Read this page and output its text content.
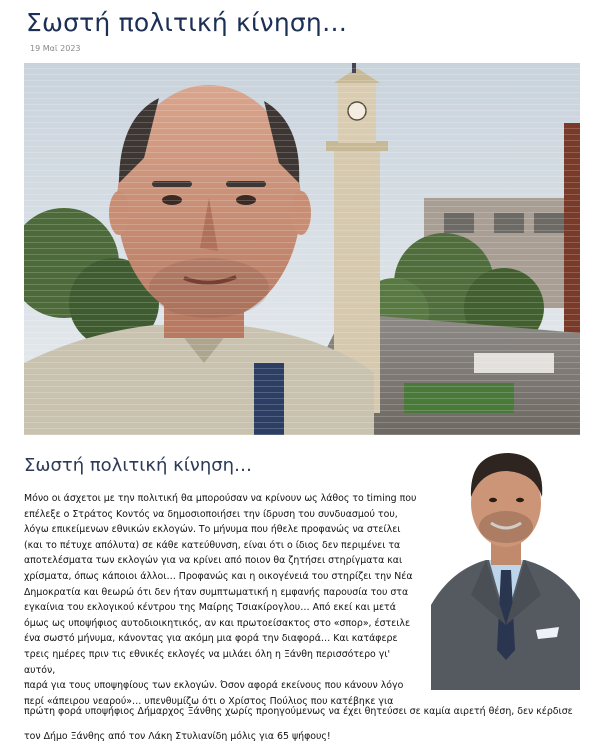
Σωστή πολιτική κίνηση…
19 Μαϊ 2023
Σωστή πολιτική κίνηση…

Μόνο οι άσχετοι με την πολιτική θα μπορούσαν να κρίνουν ως λάθος το timing που

επέλεξε ο Στράτος Κοντός να δημοσιοποιήσει την ίδρυση του συνδυασμού του,

λόγω επικείμενων εθνικών εκλογών. Το μήνυμα που ήθελε προφανώς να στείλει

(και το πέτυχε απόλυτα) σε κάθε κατεύθυνση, είναι ότι ο ίδιος δεν περιμένει τα

αποτελέσματα των εκλογών για να κρίνει από ποιον θα ζητήσει στηρίγματα και

χρίσματα, όπως κάποιοι άλλοι… Προφανώς και η οικογένειά του στηρίζει την Νέα

Δημοκρατία και θεωρώ ότι δεν ήταν συμπτωματική η εμφανής παρουσία του στα

εγκαίνια του εκλογικού κέντρου της Μαίρης Τσιακίρογλου… Από εκεί και μετά

όμως ως υποψήφιος αυτοδιοικητικός, αν και πρωτοείσακτος στο «σπορ», έστειλε

ένα σωστό μήνυμα, κάνοντας για ακόμη μια φορά την διαφορά… Και κατάφερε

τρεις ημέρες πριν τις εθνικές εκλογές να μιλάει όλη η Ξάνθη περισσότερο γι' αυτόν,

παρά για τους υποψηφίους των εκλογών. Όσον αφορά εκείνους που κάνουν λόγο

περί «άπειρου νεαρού»… υπενθυμίζω ότι ο Χρίστος Πούλιος που κατέβηκε για

πρώτη φορά υποψήφιος Δήμαρχος Ξάνθης χωρίς προηγούμενως να έχει θητεύσει σε καμία αιρετή θέση, δεν κέρδισε

τον Δήμο Ξάνθης από τον Λάκη Στυλιανίδη μόλις για 65 ψήφους!
